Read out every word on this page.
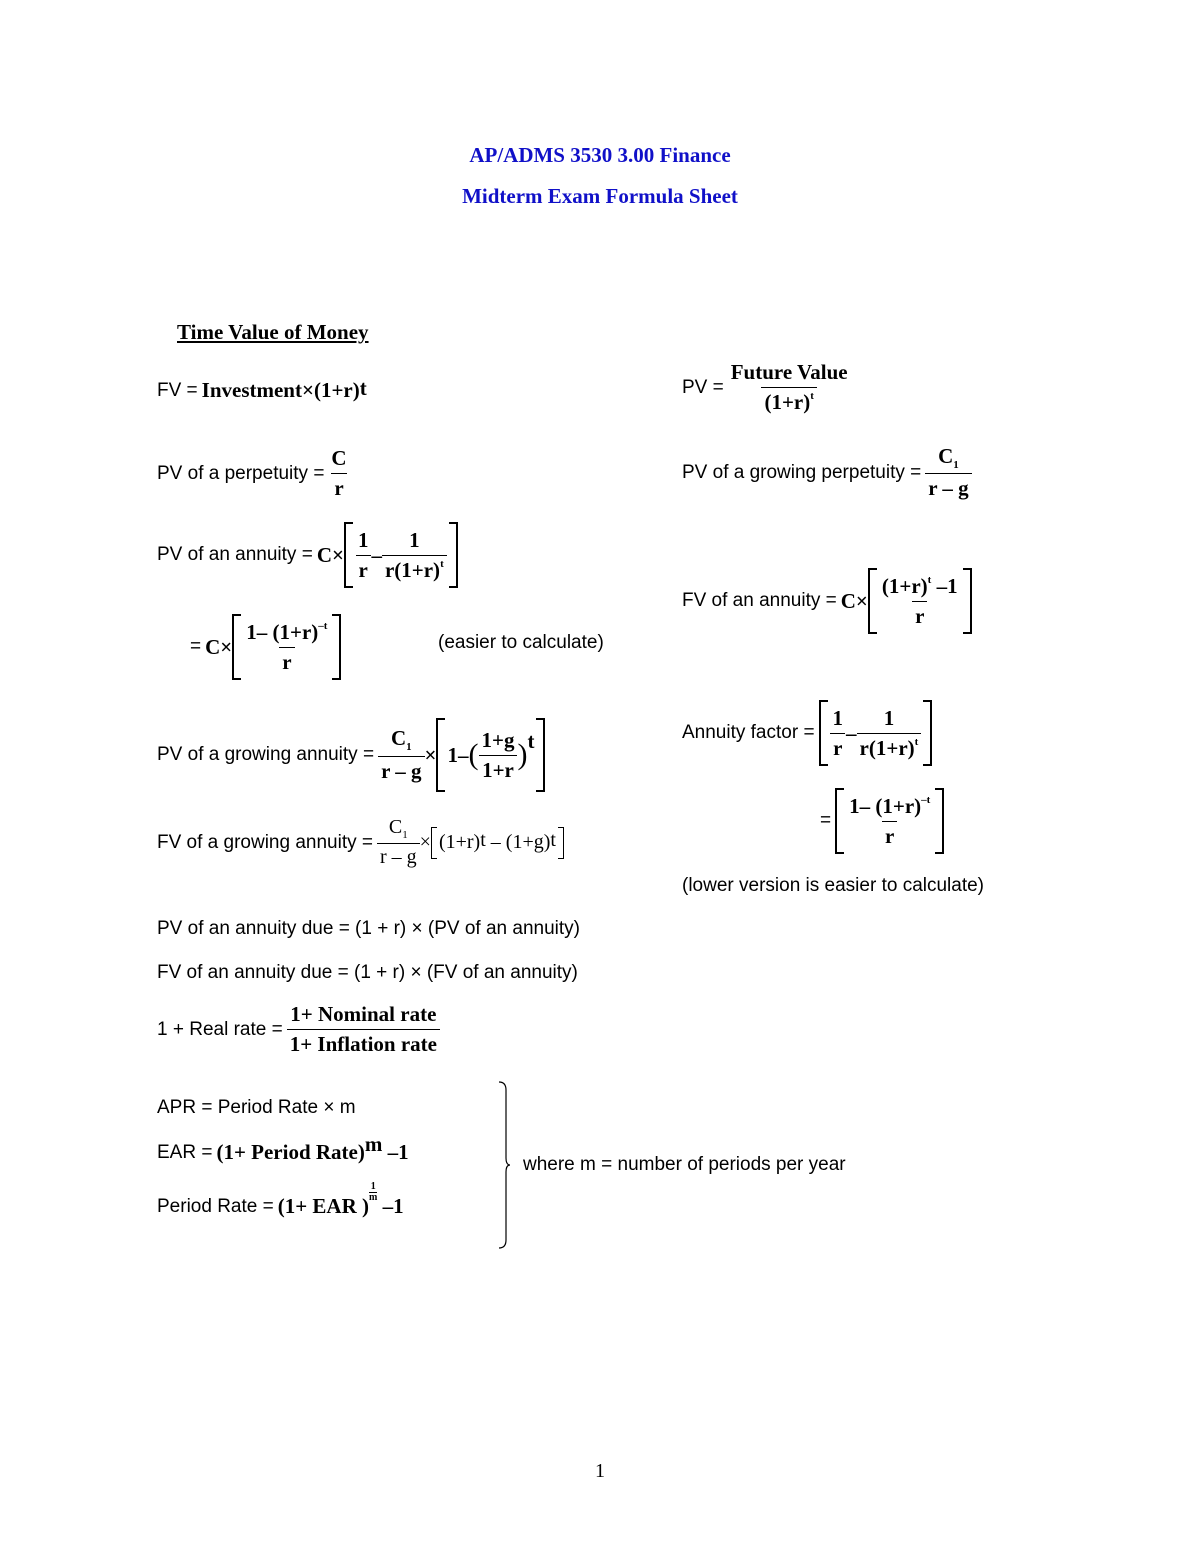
AP/ADMS 3530 3.00 Finance
Midterm Exam Formula Sheet
Time Value of Money
FV =
$Investment\times(1+r)^t$	PV =
$\frac{\text{Future Value}}{(1+r)^t}$
PV of a perpetuity =
$\frac{C}{r}$	PV of a growing perpetuity =
$\frac{C_1}{r - g}$
PV of an annuity =
$C\times \frac{1}{r} - \frac{1}{r(1+r)^t}$
=
$C\times \frac{1- (1+r)^{-t}}{r}$	(easier to calculate)
FV of an annuity =
$C\times \frac{(1+r)^t -1}{r}$
PV of a growing annuity =
$\frac{C_1}{r - g} \times 1-$ ( $\frac{1+g}{1+r} )^t$	Annuity factor =
$\frac{1}{r} - \frac{1}{r(1+r)^t}$
=
$\frac{1- (1+r)^{-t}}{r}$
(lower version is easier to calculate)
FV of a growing annuity =
$\frac{C_1}{r - g} \times (1+r)^t - (1+g)^t$
PV of an annuity due = (1 + r) × (PV of an annuity)
FV of an annuity due = (1 + r) × (FV of an annuity)
1 + Real rate =
$\frac{\text{1+ Nominal rate}}{\text{1+ Inflation rate}}$
APR = Period Rate × m
EAR =
(1+ Period Rate)$^m$ –1
Period Rate =
(1+ EAR )
$\frac{1}{m}$
–1
where m = number of periods per year
1
